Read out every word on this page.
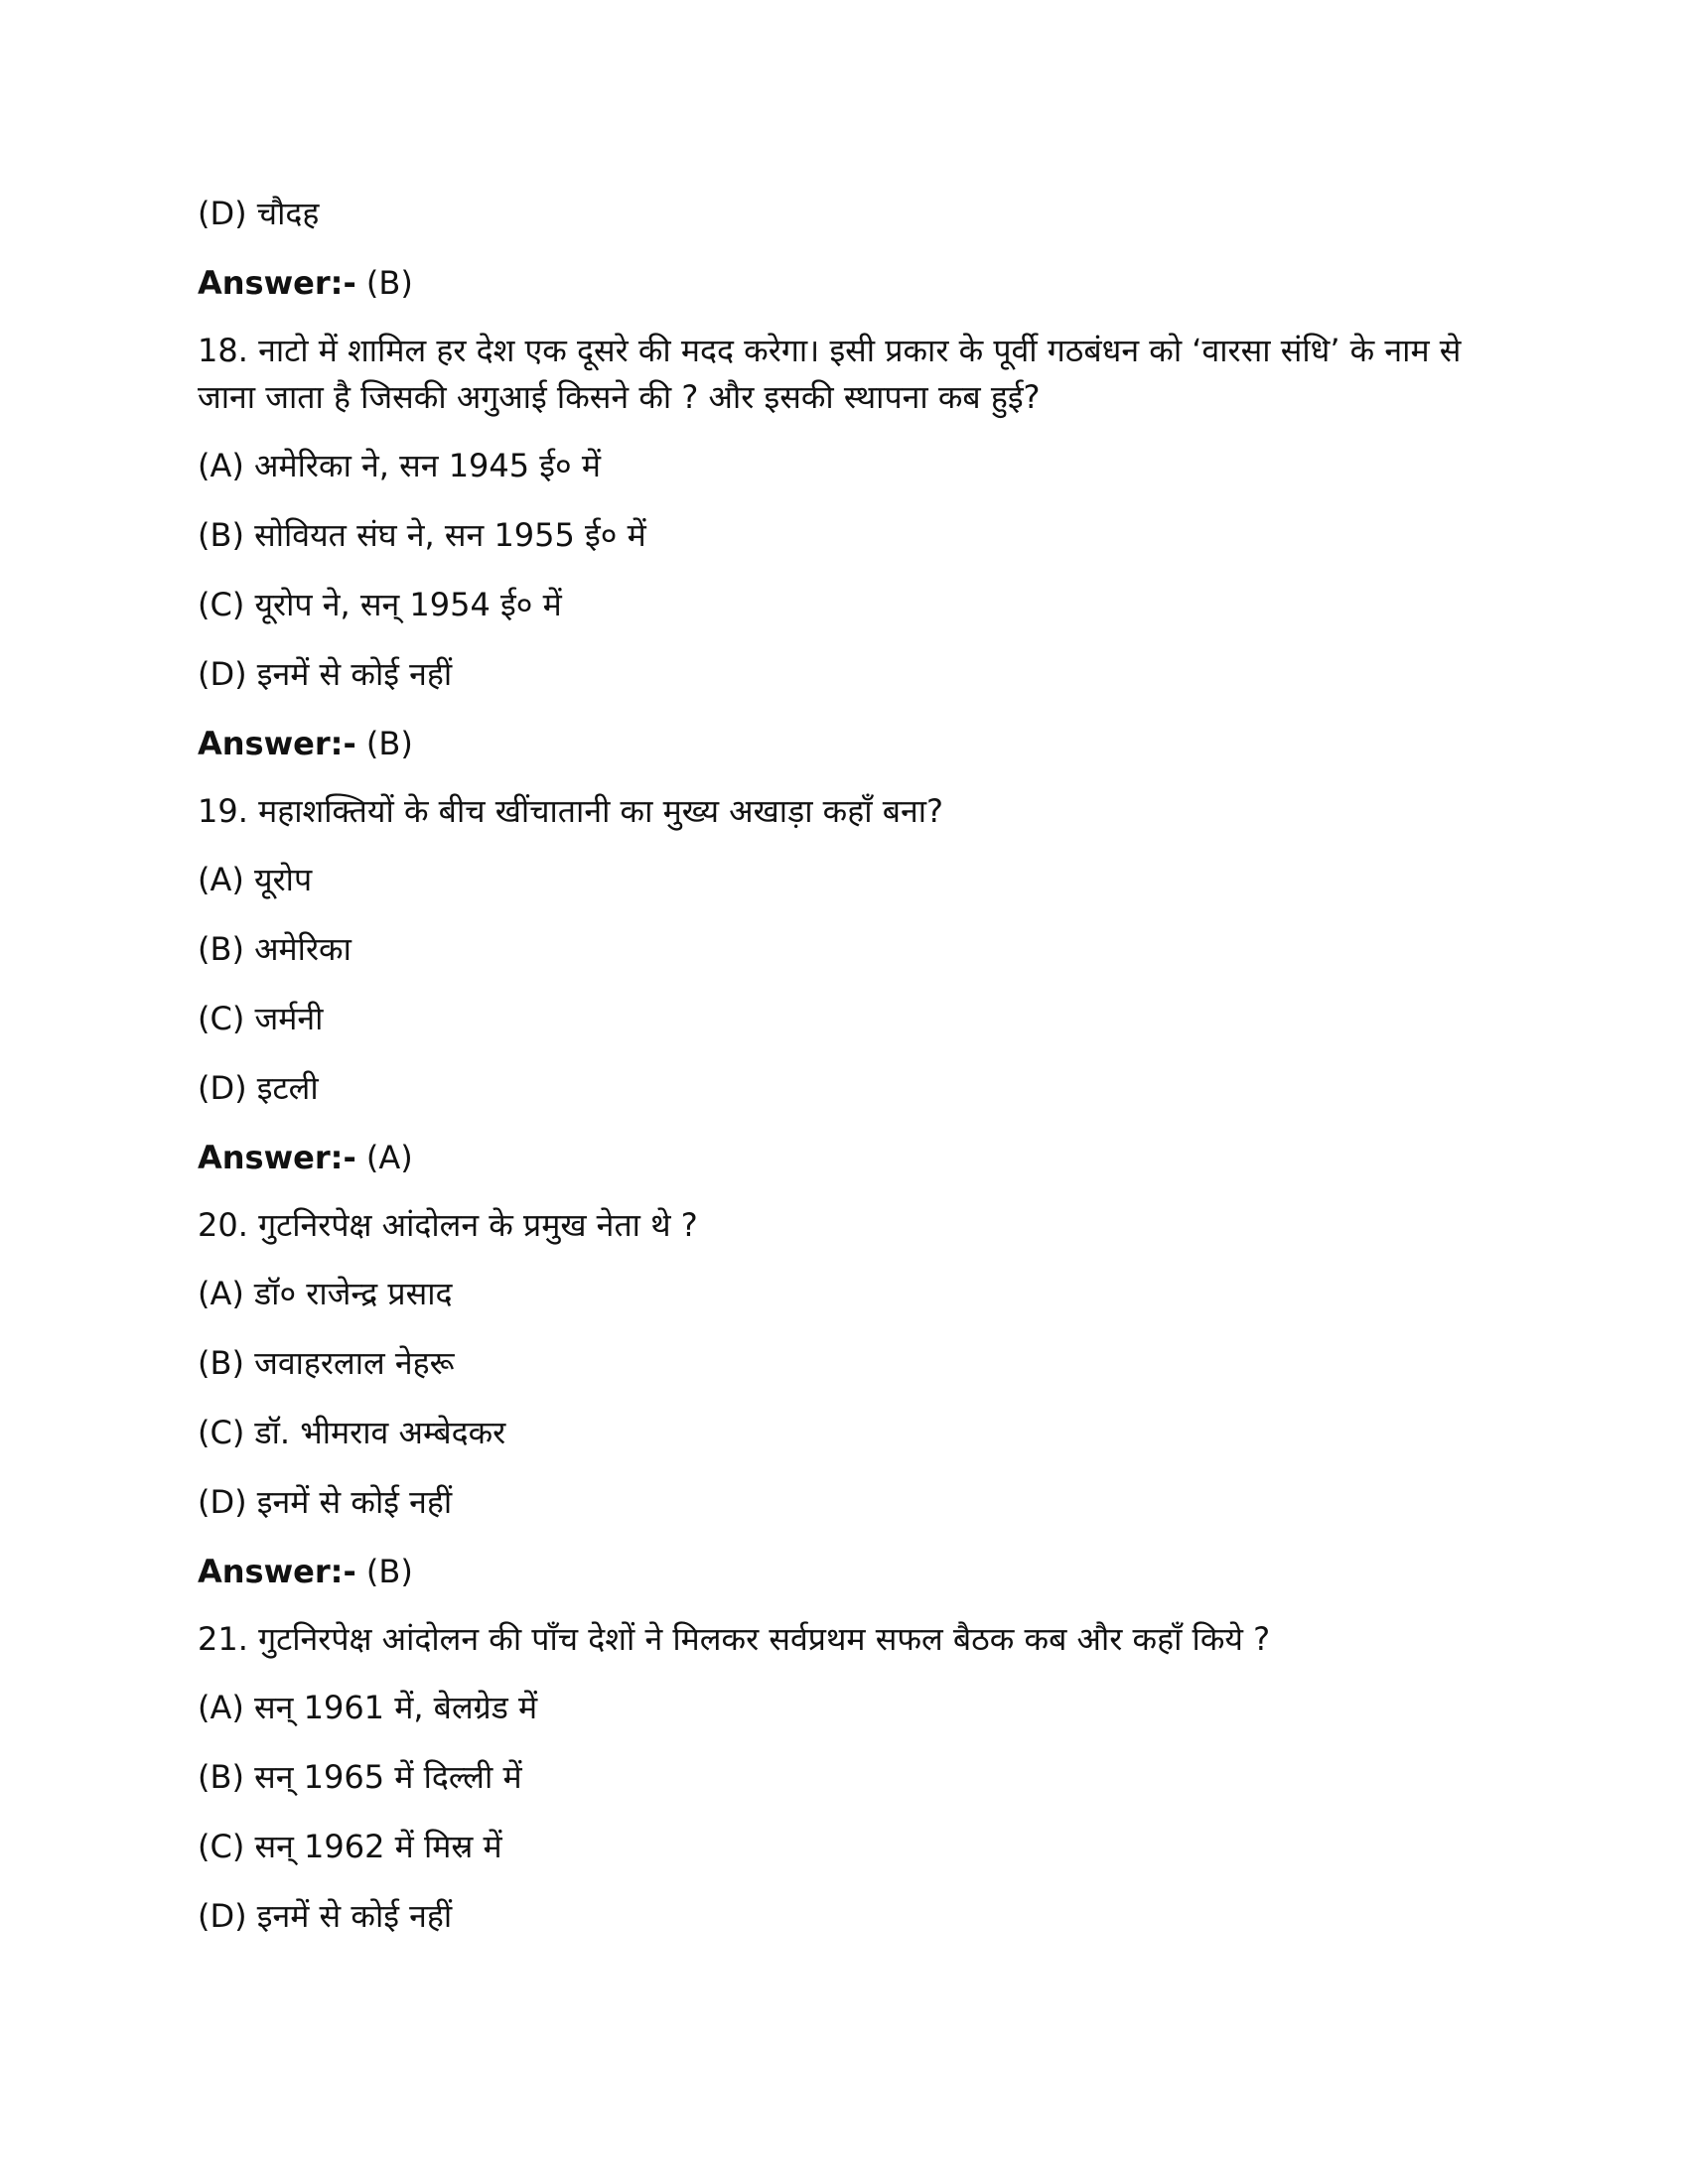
(D) चौदह
Answer:- (B)
18. नाटो में शामिल हर देश एक दूसरे की मदद करेगा। इसी प्रकार के पूर्वी गठबंधन को ‘वारसा संधि’ के नाम से जाना जाता है जिसकी अगुआई किसने की ? और इसकी स्थापना कब हुई?
(A) अमेरिका ने, सन 1945 ई० में
(B) सोवियत संघ ने, सन 1955 ई० में
(C) यूरोप ने, सन् 1954 ई० में
(D) इनमें से कोई नहीं
Answer:- (B)
19. महाशक्तियों के बीच खींचातानी का मुख्य अखाड़ा कहाँ बना?
(A) यूरोप
(B) अमेरिका
(C) जर्मनी
(D) इटली
Answer:- (A)
20. गुटनिरपेक्ष आंदोलन के प्रमुख नेता थे ?
(A) डॉ० राजेन्द्र प्रसाद
(B) जवाहरलाल नेहरू
(C) डॉ. भीमराव अम्बेदकर
(D) इनमें से कोई नहीं
Answer:- (B)
21. गुटनिरपेक्ष आंदोलन की पाँच देशों ने मिलकर सर्वप्रथम सफल बैठक कब और कहाँ किये ?
(A) सन् 1961 में, बेलग्रेड में
(B) सन् 1965 में दिल्ली में
(C) सन् 1962 में मिस्र में
(D) इनमें से कोई नहीं
